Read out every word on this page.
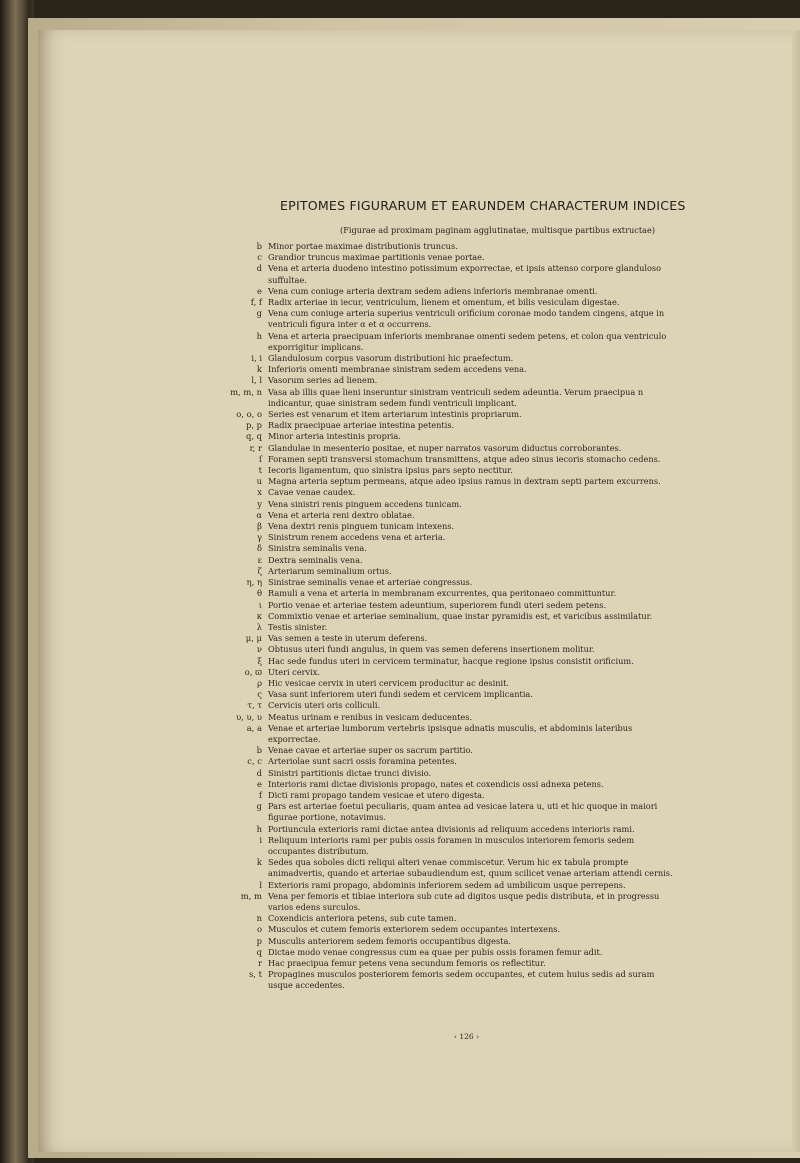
EPITOMES FIGURARUM ET EARUNDEM CHARACTERUM INDICES
(Figurae ad proximam paginam agglutinatae, multisque partibus extructae)
b Minor portae maximae distributionis truncus.
c Grandior truncus maximae partitionis venae portae.
d Vena et arteria duodeno intestino potissimum exporrectae, et ipsis attenso corpore glanduloso suffultae.
e Vena cum coniuge arteria dextram sedem adiens inferioris membranae omenti.
f, f Radix arteriae in iecur, ventriculum, lienem et omentum, et bilis vesiculam digestae.
g Vena cum coniuge arteria superius ventriculi orificium coronae modo tandem cingens, atque in ventriculi figura inter α et α occurrens.
h Vena et arteria praecipuam inferioris membranae omenti sedem petens, et colon qua ventriculo exporrigitur implicans.
i, i Glandulosum corpus vasorum distributioni hic praefectum.
k Inferioris omenti membranae sinistram sedem accedens vena.
l, l Vasorum series ad lienem.
m, m, n Vasa ab illis quae lieni inseruntur sinistram ventriculi sedem adeuntia. Verum praecipua n indicantur, quae sinistram sedem fundi ventriculi implicant.
o, o, o Series est venarum et item arteriarum intestinis propriarum.
p, p Radix praecipuae arteriae intestina petentis.
q, q Minor arteria intestinis propria.
r, r Glandulae in mesenterio positae, et nuper narratos vasorum diductus corroborantes.
ſ Foramen septi transversi stomachum transmittens, atque adeo sinus iecoris stomacho cedens.
t Iecoris ligamentum, quo sinistra ipsius pars septo nectitur.
u Magna arteria septum permeans, atque adeo ipsius ramus in dextram septi partem excurrens.
x Cavae venae caudex.
y Vena sinistri renis pinguem accedens tunicam.
α Vena et arteria reni dextro oblatae.
β Vena dextri renis pinguem tunicam intexens.
γ Sinistrum renem accedens vena et arteria.
δ Sinistra seminalis vena.
ε Dextra seminalis vena.
ζ Arteriarum seminalium ortus.
η, η Sinistrae seminalis venae et arteriae congressus.
θ Ramuli a vena et arteria in membranam excurrentes, qua peritonaeo committuntur.
ι Portio venae et arteriae testem adeuntium, superiorem fundi uteri sedem petens.
κ Commixtio venae et arteriae seminalium, quae instar pyramidis est, et varicibus assimilatur.
λ Testis sinister.
μ, μ Vas semen a teste in uterum deferens.
ν Obtusus uteri fundi angulus, in quem vas semen deferens insertionem molitur.
ξ Hac sede fundus uteri in cervicem terminatur, hacque regione ipsius consistit orificium.
o, ϖ Uteri cervix.
ρ Hic vesicae cervix in uteri cervicem producitur ac desinit.
ς Vasa sunt inferiorem uteri fundi sedem et cervicem implicantia.
τ, τ Cervicis uteri oris colliculi.
υ, υ, υ Meatus urinam e renibus in vesicam deducentes.
a, a Venae et arteriae lumborum vertebris ipsisque adnatis musculis, et abdominis lateribus exporrectae.
b Venae cavae et arteriae super os sacrum partitio.
c, c Arteriolae sunt sacri ossis foramina petentes.
d Sinistri partitionis dictae trunci divisio.
e Interioris rami dictae divisionis propago, nates et coxendicis ossi adnexa petens.
f Dicti rami propago tandem vesicae et utero digesta.
g Pars est arteriae foetui peculiaris, quam antea ad vesicae latera u, uti et hic quoque in maiori figurae portione, notavimus.
h Portiuncula exterioris rami dictae antea divisionis ad reliquum accedens interioris rami.
i Reliquum interioris rami per pubis ossis foramen in musculos interiorem femoris sedem occupantes distributum.
k Sedes qua soboles dicti reliqui alteri venae commiscetur. Verum hic ex tabula prompte animadvertis, quando et arteriae subaudiendum est, quum scilicet venae arteriam attendi cernis.
l Exterioris rami propago, abdominis inferiorem sedem ad umbilicum usque perrepens.
m, m Vena per femoris et tibiae interiora sub cute ad digitos usque pedis distributa, et in progressu varios edens surculos.
n Coxendicis anteriora petens, sub cute tamen.
o Musculos et cutem femoris exteriorem sedem occupantes intertexens.
p Musculis anteriorem sedem femoris occupantibus digesta.
q Dictae modo venae congressus cum ea quae per pubis ossis foramen femur adit.
r Hac praecipua femur petens vena secundum femoris os reflectitur.
s, t Propagines musculos posteriorem femoris sedem occupantes, et cutem huius sedis ad suram usque accedentes.
‹ 126 ›
